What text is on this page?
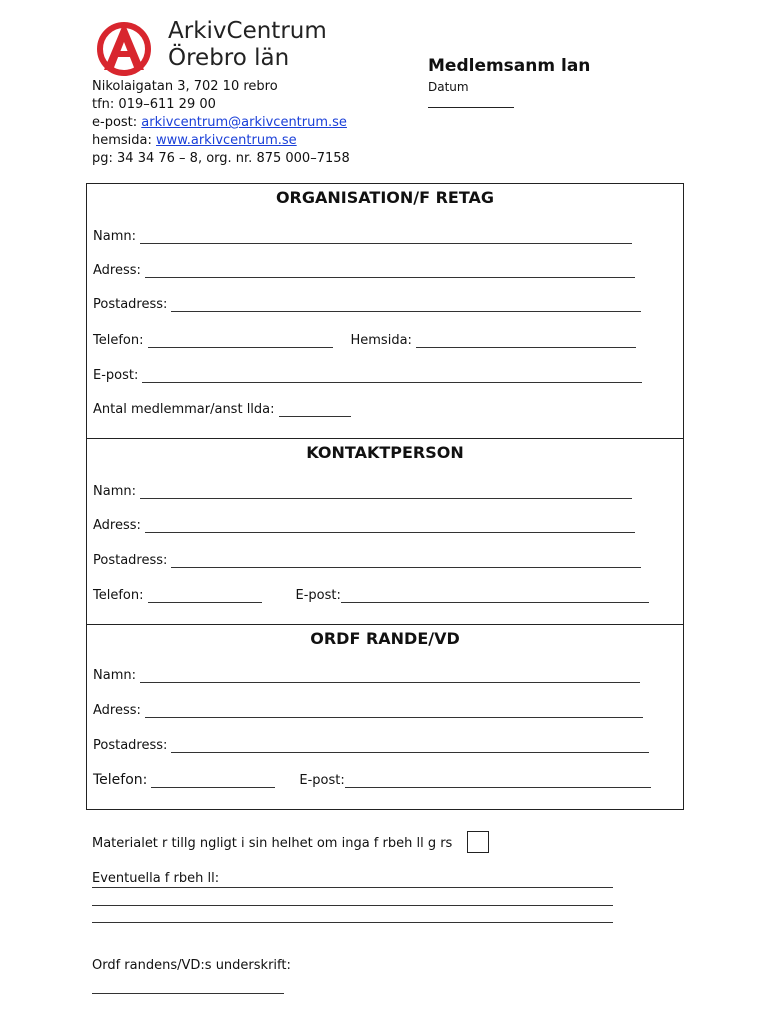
ArkivCentrum
Örebro län
Nikolaigatan 3, 702 10 rebro
tfn: 019–611 29 00
e-post: arkivcentrum@arkivcentrum.se
hemsida: www.arkivcentrum.se
pg: 34 34 76 – 8, org. nr. 875 000–7158
Medlemsanm lan
Datum
ORGANISATION/F RETAG
Namn:
Adress:
Postadress:
Telefon:	Hemsida:
E-post:
Antal medlemmar/anst llda:
KONTAKTPERSON
Namn:
Adress:
Postadress:
Telefon:	E-post:
ORDF RANDE/VD
Namn:
Adress:
Postadress:
Telefon:	E-post:
Materialet r tillg ngligt i sin helhet om inga f rbeh ll g rs
Eventuella f rbeh ll:
Ordf randens/VD:s underskrift:
